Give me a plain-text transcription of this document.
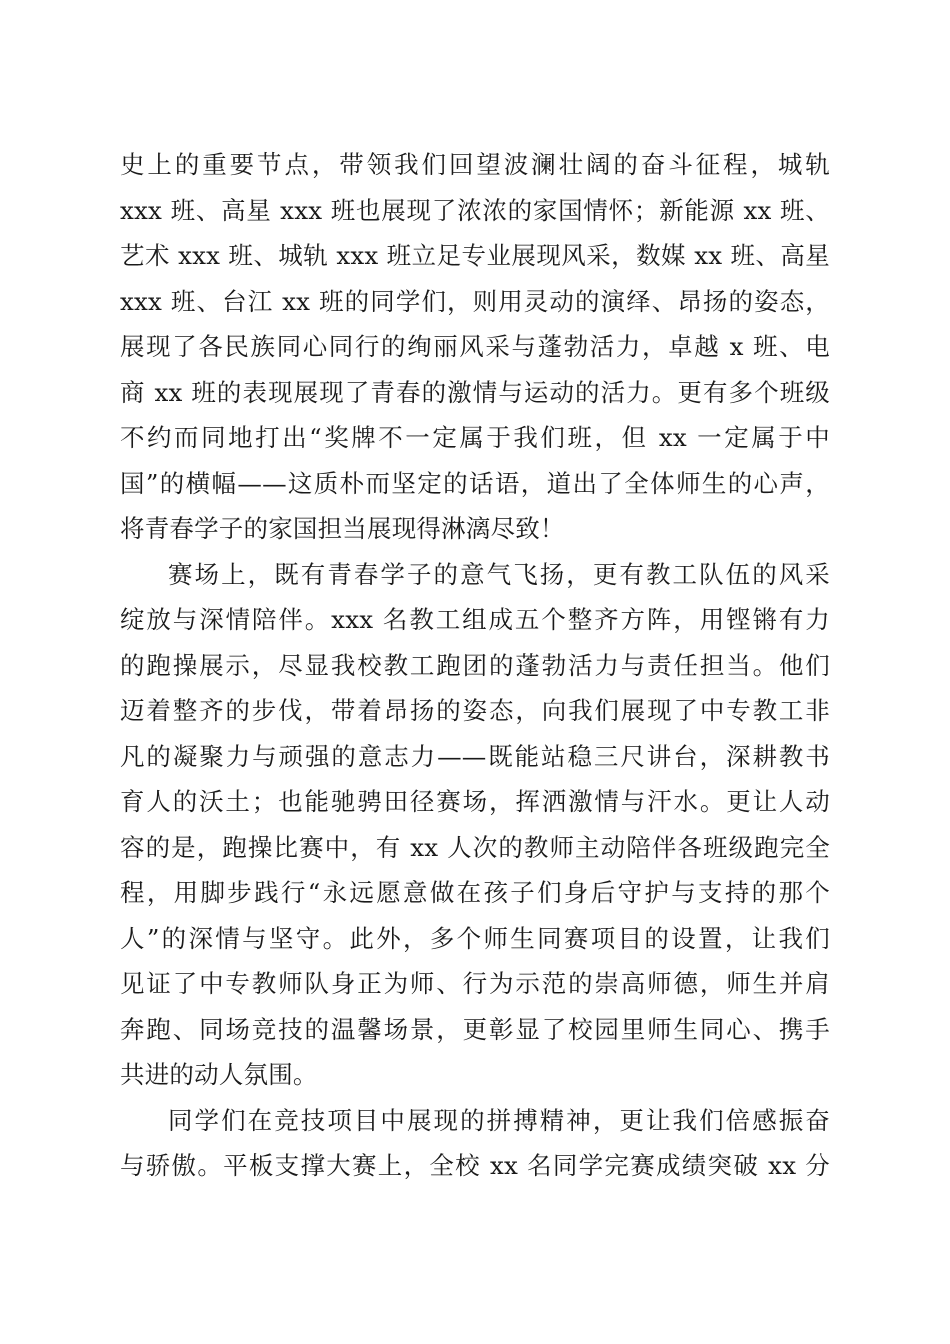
史上的重要节点，带领我们回望波澜壮阔的奋斗征程，城轨
xxx 班、高星 xxx 班也展现了浓浓的家国情怀；新能源 xx 班、
艺术 xxx 班、城轨 xxx 班立足专业展现风采，数媒 xx 班、高星
xxx 班、台江 xx 班的同学们，则用灵动的演绎、昂扬的姿态，
展现了各民族同心同行的绚丽风采与蓬勃活力，卓越 x 班、电
商 xx 班的表现展现了青春的激情与运动的活力。更有多个班级
不约而同地打出“奖牌不一定属于我们班，但 xx 一定属于中
国”的横幅——这质朴而坚定的话语，道出了全体师生的心声，
将青春学子的家国担当展现得淋漓尽致！
赛场上，既有青春学子的意气飞扬，更有教工队伍的风采
绽放与深情陪伴。xxx 名教工组成五个整齐方阵，用铿锵有力
的跑操展示，尽显我校教工跑团的蓬勃活力与责任担当。他们
迈着整齐的步伐，带着昂扬的姿态，向我们展现了中专教工非
凡的凝聚力与顽强的意志力——既能站稳三尺讲台，深耕教书
育人的沃土；也能驰骋田径赛场，挥洒激情与汗水。更让人动
容的是，跑操比赛中，有 xx 人次的教师主动陪伴各班级跑完全
程，用脚步践行“永远愿意做在孩子们身后守护与支持的那个
人”的深情与坚守。此外，多个师生同赛项目的设置，让我们
见证了中专教师队身正为师、行为示范的崇高师德，师生并肩
奔跑、同场竞技的温馨场景，更彰显了校园里师生同心、携手
共进的动人氛围。
同学们在竞技项目中展现的拼搏精神，更让我们倍感振奋
与骄傲。平板支撑大赛上，全校 xx 名同学完赛成绩突破 xx 分
